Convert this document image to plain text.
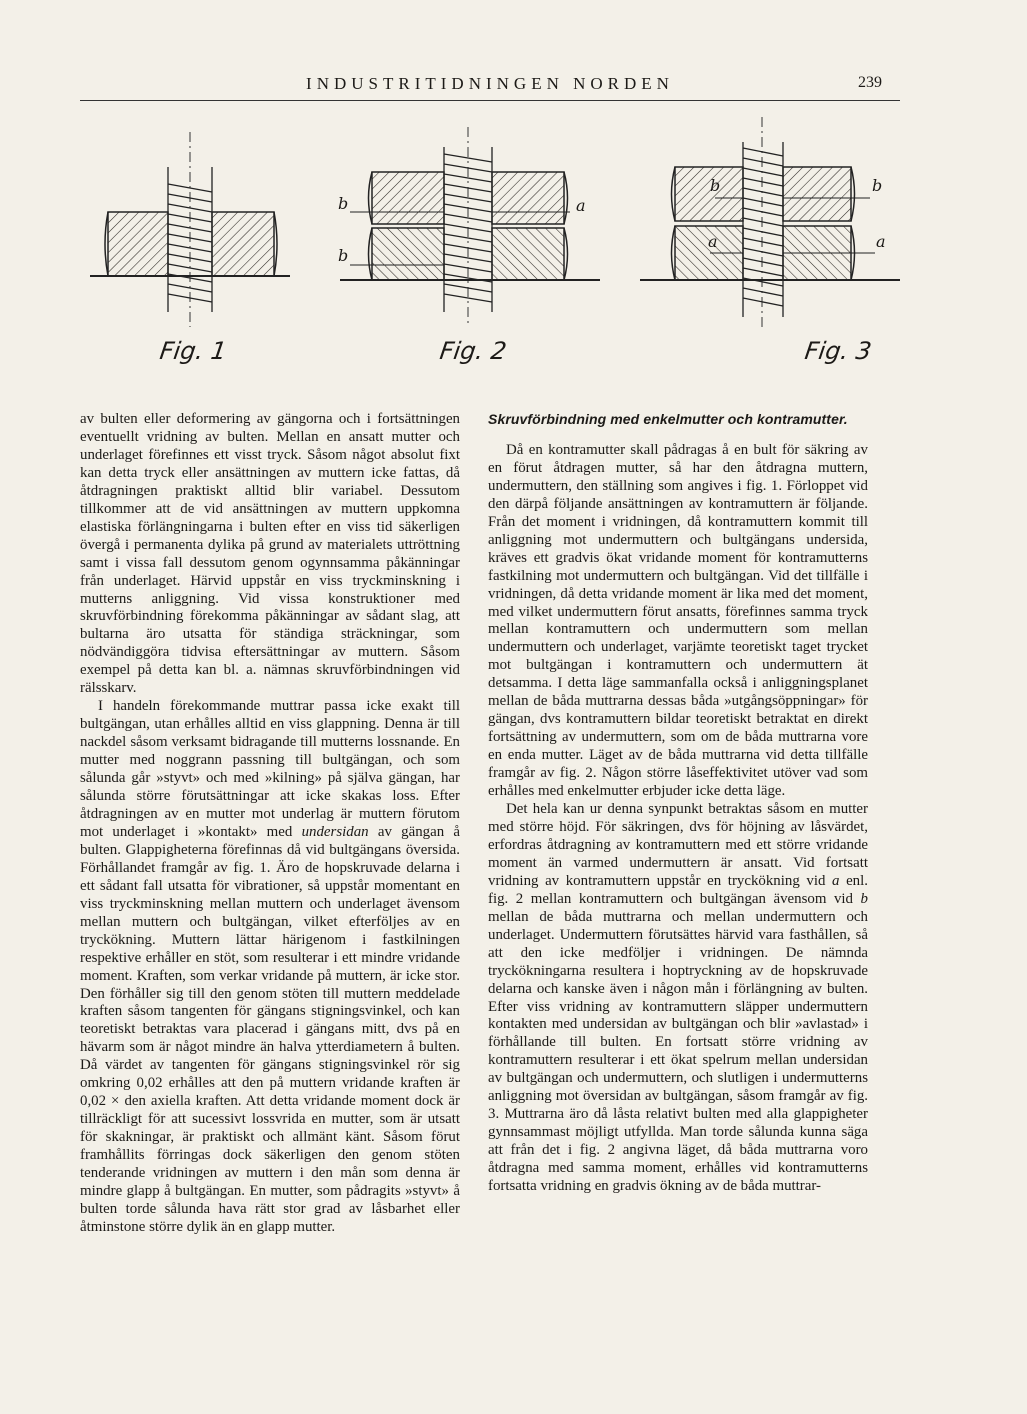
INDUSTRITIDNINGEN NORDEN	239
Fig. 1
b	a
b
Fig. 2
b	b
a	a
Fig. 3

av bulten eller deformering av gängorna och i fortsättningen eventuellt vridning av bulten. Mellan en ansatt mutter och underlaget förefinnes ett visst tryck. Såsom något absolut fixt kan detta tryck eller ansättningen av muttern icke fattas, då åtdragningen praktiskt alltid blir variabel. Dessutom tillkommer att de vid ansättningen av muttern uppkomna elastiska förlängningarna i bulten efter en viss tid säkerligen övergå i permanenta dylika på grund av materialets uttröttning samt i vissa fall dessutom genom ogynnsamma påkänningar från underlaget. Härvid uppstår en viss tryckminskning i mutterns anliggning. Vid vissa konstruktioner med skruvförbindning förekomma påkänningar av sådant slag, att bultarna äro utsatta för ständiga sträckningar, som nödvändiggöra tidvisa eftersättningar av muttern. Såsom exempel på detta kan bl. a. nämnas skruvförbindningen vid rälsskarv.

I handeln förekommande muttrar passa icke exakt till bultgängan, utan erhålles alltid en viss glappning. Denna är till nackdel såsom verksamt bidragande till mutterns lossnande. En mutter med noggrann passning till bultgängan, och som sålunda går »styvt» och med »kilning» på själva gängan, har sålunda större förutsättningar att icke skakas loss. Efter åtdragningen av en mutter mot underlag är muttern förutom mot underlaget i »kontakt» med undersidan av gängan å bulten. Glappigheterna förefinnas då vid bultgängans översida. Förhållandet framgår av fig. 1. Äro de hopskruvade delarna i ett sådant fall utsatta för vibrationer, så uppstår momentant en viss tryckminskning mellan muttern och underlaget ävensom mellan muttern och bultgängan, vilket efterföljes av en tryckökning. Muttern lättar härigenom i fastkilningen respektive erhåller en stöt, som resulterar i ett mindre vridande moment. Kraften, som verkar vridande på muttern, är icke stor. Den förhåller sig till den genom stöten till muttern meddelade kraften såsom tangenten för gängans stigningsvinkel, och kan teoretiskt betraktas vara placerad i gängans mitt, dvs på en hävarm som är något mindre än halva ytterdiametern å bulten. Då värdet av tangenten för gängans stigningsvinkel rör sig omkring 0,02 erhålles att den på muttern vridande kraften är 0,02 × den axiella kraften. Att detta vridande moment dock är tillräckligt för att sucessivt lossvrida en mutter, som är utsatt för skakningar, är praktiskt och allmänt känt. Såsom förut framhållits förringas dock säkerligen den genom stöten tenderande vridningen av muttern i den mån som denna är mindre glapp å bultgängan. En mutter, som pådragits »styvt» å bulten torde sålunda hava rätt stor grad av låsbarhet eller åtminstone större dylik än en glapp mutter.

Skruvförbindning med enkelmutter och kontramutter.

Då en kontramutter skall pådragas å en bult för säkring av en förut åtdragen mutter, så har den åtdragna muttern, undermuttern, den ställning som angives i fig. 1. Förloppet vid den därpå följande ansättningen av kontramuttern är följande. Från det moment i vridningen, då kontramuttern kommit till anliggning mot undermuttern och bultgängans undersida, kräves ett gradvis ökat vridande moment för kontramutterns fastkilning mot undermuttern och bultgängan. Vid det tillfälle i vridningen, då detta vridande moment är lika med det moment, med vilket undermuttern förut ansatts, förefinnes samma tryck mellan kontramuttern och undermuttern som mellan undermuttern och underlaget, varjämte teoretiskt taget trycket mot bultgängan i kontramuttern och undermuttern ät detsamma. I detta läge sammanfalla också i anliggningsplanet mellan de båda muttrarna dessas båda »utgångsöppningar» för gängan, dvs kontramuttern bildar teoretiskt betraktat en direkt fortsättning av undermuttern, som om de båda muttrarna vore en enda mutter. Läget av de båda muttrarna vid detta tillfälle framgår av fig. 2. Någon större låseffektivitet utöver vad som erhålles med enkelmutter erbjuder icke detta läge.

Det hela kan ur denna synpunkt betraktas såsom en mutter med större höjd. För säkringen, dvs för höjning av låsvärdet, erfordras åtdragning av kontramuttern med ett större vridande moment än varmed undermuttern är ansatt. Vid fortsatt vridning av kontramuttern uppstår en tryckökning vid a enl. fig. 2 mellan kontramuttern och bultgängan ävensom vid b mellan de båda muttrarna och mellan undermuttern och underlaget. Undermuttern förutsättes härvid vara fasthållen, så att den icke medföljer i vridningen. De nämnda tryckökningarna resultera i hoptryckning av de hopskruvade delarna och kanske även i någon mån i förlängning av bulten. Efter viss vridning av kontramuttern släpper undermuttern kontakten med undersidan av bultgängan och blir »avlastad» i förhållande till bulten. En fortsatt större vridning av kontramuttern resulterar i ett ökat spelrum mellan undersidan av bultgängan och undermuttern, och slutligen i undermutterns anliggning mot översidan av bultgängan, såsom framgår av fig. 3. Muttrarna äro då låsta relativt bulten med alla glappigheter gynnsammast möjligt utfyllda. Man torde sålunda kunna säga att från det i fig. 2 angivna läget, då båda muttrarna voro åtdragna med samma moment, erhålles vid kontramutterns fortsatta vridning en gradvis ökning av de båda muttrar-
